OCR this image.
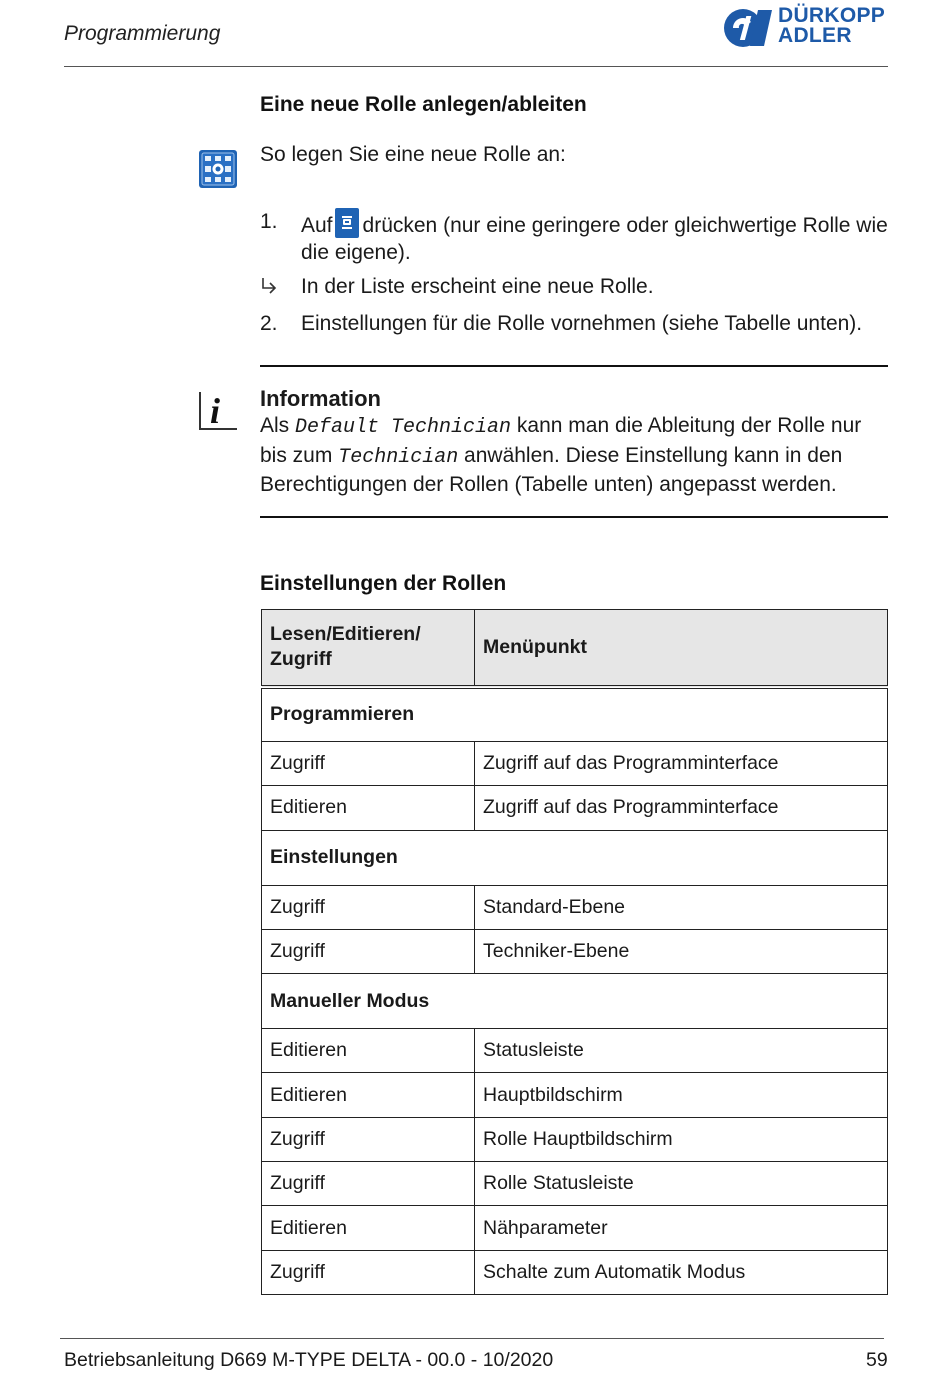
Programmierung
DÜRKOPP
ADLER
Eine neue Rolle anlegen/ableiten
So legen Sie eine neue Rolle an:
1. Auf drücken (nur eine geringere oder gleichwertige Rolle wie die eigene).
In der Liste erscheint eine neue Rolle.
2. Einstellungen für die Rolle vornehmen (siehe Tabelle unten).
i Information
Als Default Technician kann man die Ableitung der Rolle nur bis zum Technician anwählen. Diese Einstellung kann in den Berechtigungen der Rollen (Tabelle unten) angepasst werden.
Einstellungen der Rollen
Lesen/Editieren/ Zugriff	Menüpunkt
Programmieren	
Zugriff	Zugriff auf das Programminterface
Editieren	Zugriff auf das Programminterface
Einstellungen	
Zugriff	Standard-Ebene
Zugriff	Techniker-Ebene
Manueller Modus	
Editieren	Statusleiste
Editieren	Hauptbildschirm
Zugriff	Rolle Hauptbildschirm
Zugriff	Rolle Statusleiste
Editieren	Nähparameter
Zugriff	Schalte zum Automatik Modus
Betriebsanleitung D669 M-TYPE DELTA - 00.0 - 10/2020	59
